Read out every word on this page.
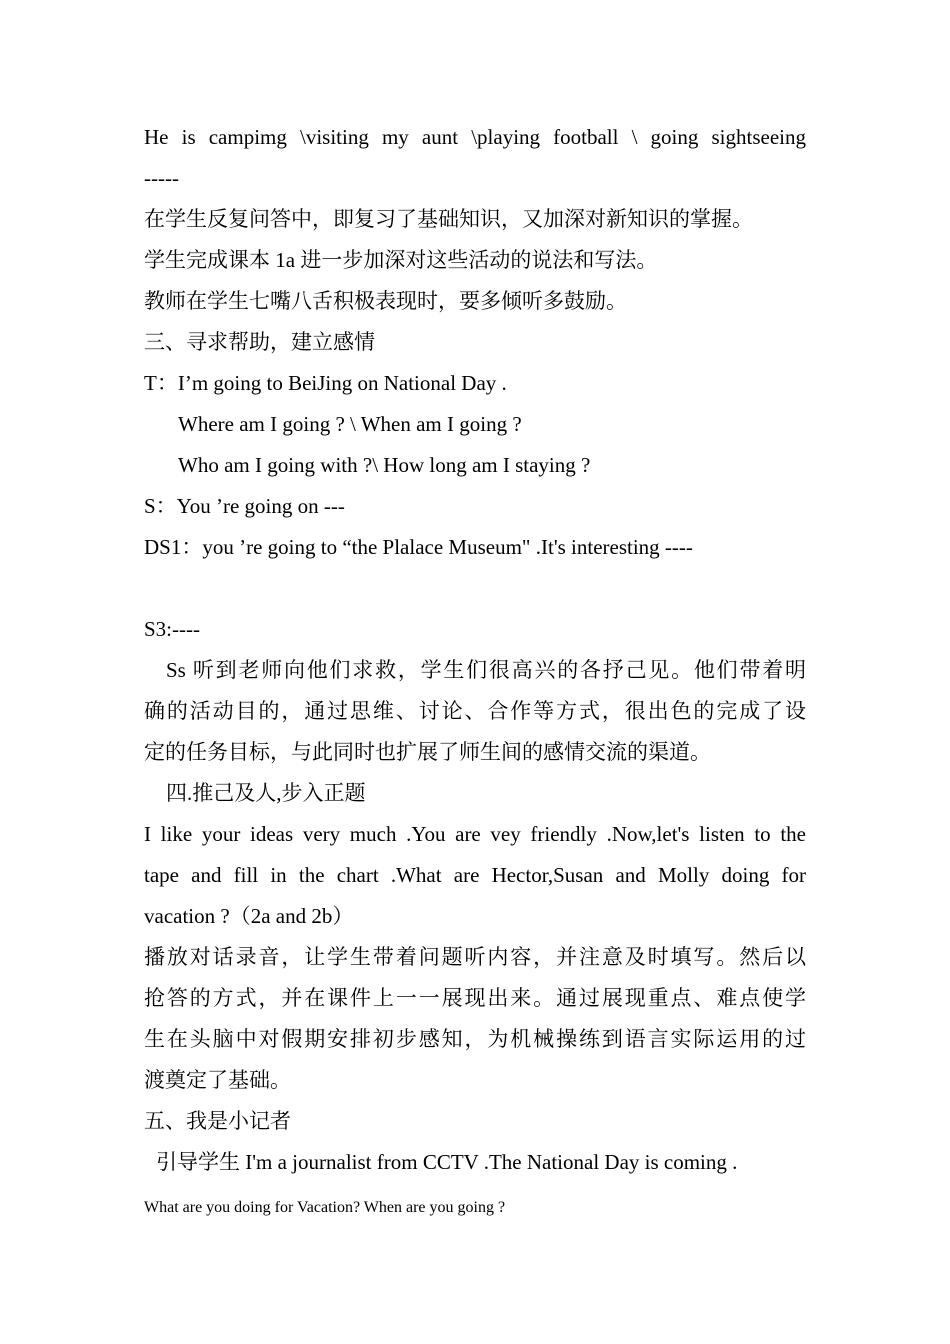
He is campimg \visiting my aunt \playing football \ going sightseeing
-----
在学生反复问答中，即复习了基础知识，又加深对新知识的掌握。
学生完成课本 1a 进一步加深对这些活动的说法和写法。
教师在学生七嘴八舌积极表现时，要多倾听多鼓励。
三、寻求帮助，建立感情
T：I’m going to BeiJing on National Day .
Where am I going ? \ When am I going ?
Who am I going with ?\ How long am I staying ?
S：You ’re going on ---
DS1：you ’re going to “the Plalace Museum" .It's interesting ----
S3:----
Ss 听到老师向他们求救，学生们很高兴的各抒己见。他们带着明
确的活动目的，通过思维、讨论、合作等方式，很出色的完成了设
定的任务目标，与此同时也扩展了师生间的感情交流的渠道。
四.推己及人,步入正题
I like your ideas very much .You are vey friendly .Now,let's listen to the
tape and fill in the chart .What are Hector,Susan and Molly doing for
vacation ?（2a and 2b）
播放对话录音，让学生带着问题听内容，并注意及时填写。然后以
抢答的方式，并在课件上一一展现出来。通过展现重点、难点使学
生在头脑中对假期安排初步感知，为机械操练到语言实际运用的过
渡奠定了基础。
五、我是小记者
引导学生 I'm a journalist from CCTV .The National Day is coming .
What are you doing for Vacation? When are you going ?
